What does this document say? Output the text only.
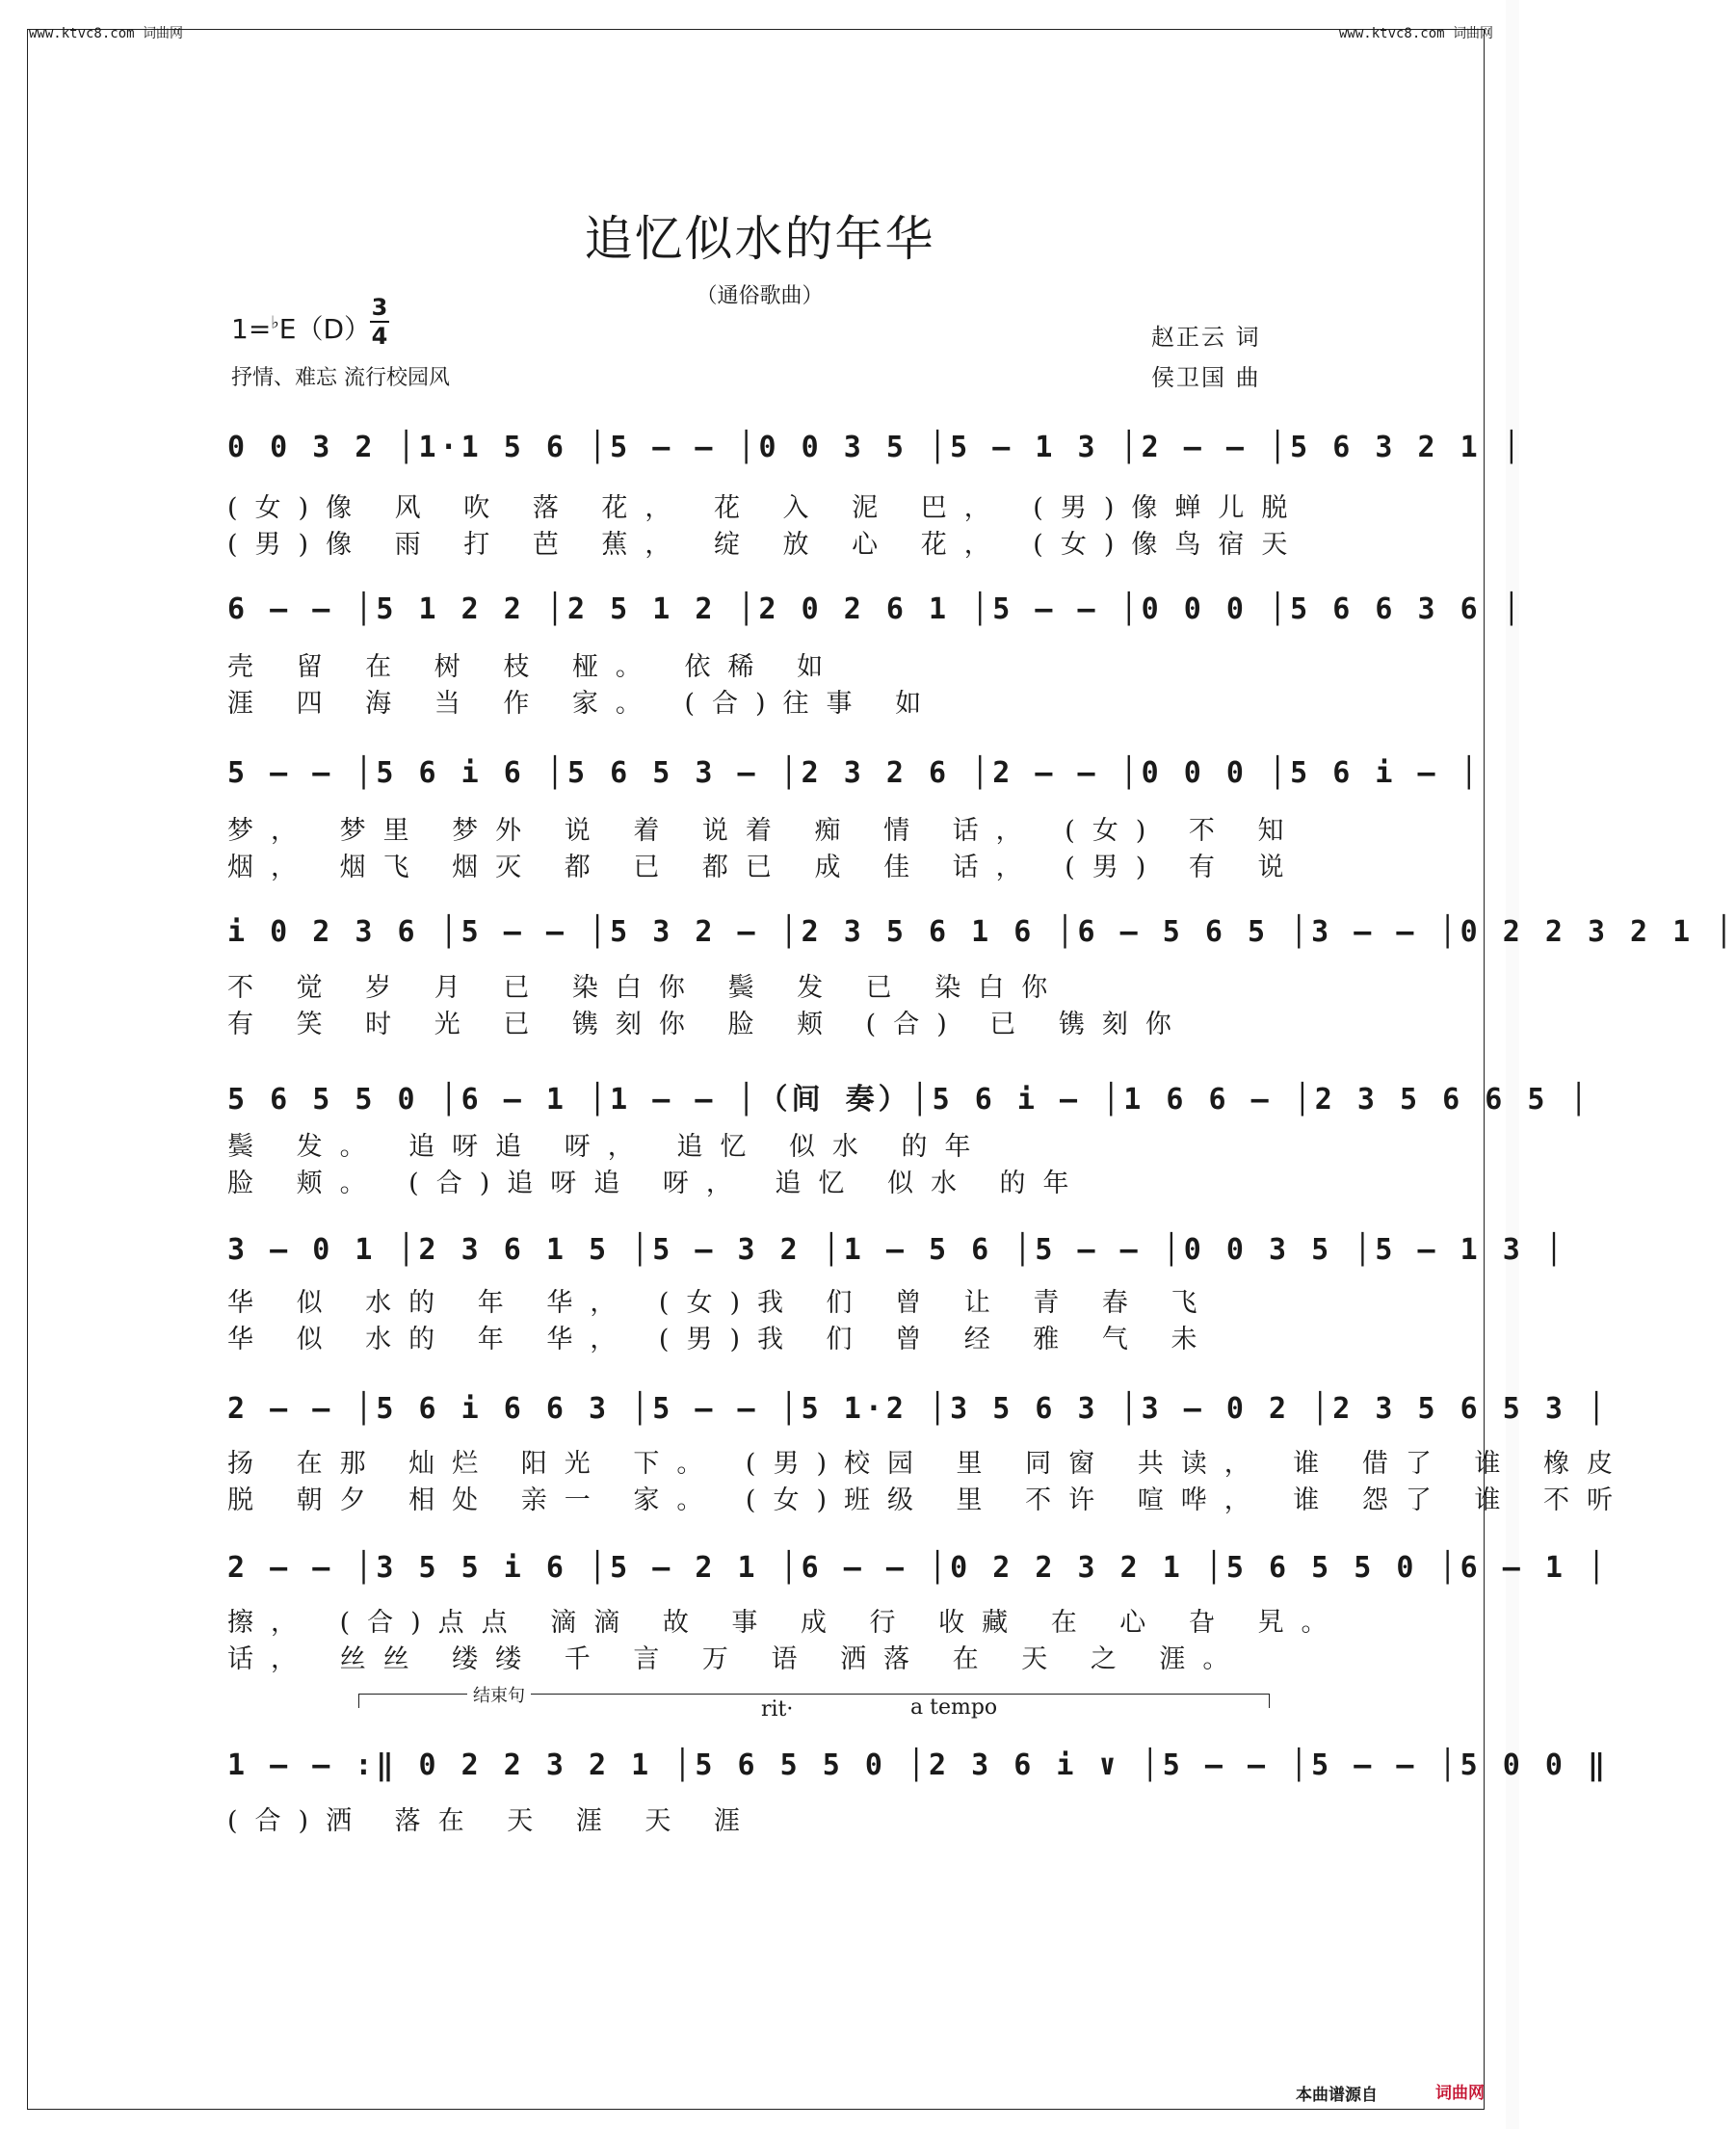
www.ktvc8.com 词曲网	www.ktvc8.com 词曲网
追忆似水的年华
（通俗歌曲）
1=♭E（D）
3
4
抒情、难忘 流行校园风
赵正云 词
侯卫国 曲
0 0 3 2 │1·1 5 6 │5 — — │0 0 3 5 │5 — 1 3 │2 — — │5 6 3 2 1 │
(女)像 风 吹 落 花， 花 入 泥 巴， (男)像蝉儿脱
(男)像 雨 打 芭 蕉， 绽 放 心 花， (女)像鸟宿天
6 — — │5 1 2 2 │2 5 1 2 │2 0 2 6 1 │5 — — │0 0 0 │5 6 6 3 6 │
壳 留 在 树 枝 桠。 依稀 如
涯 四 海 当 作 家。 (合)往事 如
5 — — │5 6 i 6 │5 6 5 3 — │2 3 2 6 │2 — — │0 0 0 │5 6 i — │
梦， 梦里 梦外 说 着 说着 痴 情 话， (女) 不 知
烟， 烟飞 烟灭 都 已 都已 成 佳 话， (男) 有 说
i 0 2 3 6 │5 — — │5 3 2 — │2 3 5 6 1 6 │6 — 5 6 5 │3 — — │0 2 2 3 2 1 │
不 觉 岁 月 已 染白你 鬓 发 已 染白你
有 笑 时 光 已 镌刻你 脸 颊 (合) 已 镌刻你
5 6 5 5 0 │6 — 1 │1 — — │（间 奏）│5 6 i — │1 6 6 — │2 3 5 6 6 5 │
鬓 发。 追呀追 呀， 追忆 似水 的年
脸 颊。 (合)追呀追 呀， 追忆 似水 的年
3 — 0 1 │2 3 6 1 5 │5 — 3 2 │1 — 5 6 │5 — — │0 0 3 5 │5 — 1 3 │
华 似 水的 年 华， (女)我 们 曾 让 青 春 飞
华 似 水的 年 华， (男)我 们 曾 经 雅 气 未
2 — — │5 6 i 6 6 3 │5 — — │5 1·2 │3 5 6 3 │3 — 0 2 │2 3 5 6 5 3 │
扬 在那 灿烂 阳光 下。 (男)校园 里 同窗 共读， 谁 借了 谁 橡皮
脱 朝夕 相处 亲一 家。 (女)班级 里 不许 喧哗， 谁 怨了 谁 不听
2 — — │3 5 5 i 6 │5 — 2 1 │6 — — │0 2 2 3 2 1 │5 6 5 5 0 │6 — 1 │
擦， (合)点点 滴滴 故 事 成 行 收藏 在 心 旮 旯。
话， 丝丝 缕缕 千 言 万 语 洒落 在 天 之 涯。
结束句
rit·	a tempo
1 — — :‖ 0 2 2 3 2 1 │5 6 5 5 0 │2 3 6 i ∨ │5 — — │5 — — │5 0 0 ‖
(合)洒 落在 天 涯 天 涯
本曲谱源自	词曲网
